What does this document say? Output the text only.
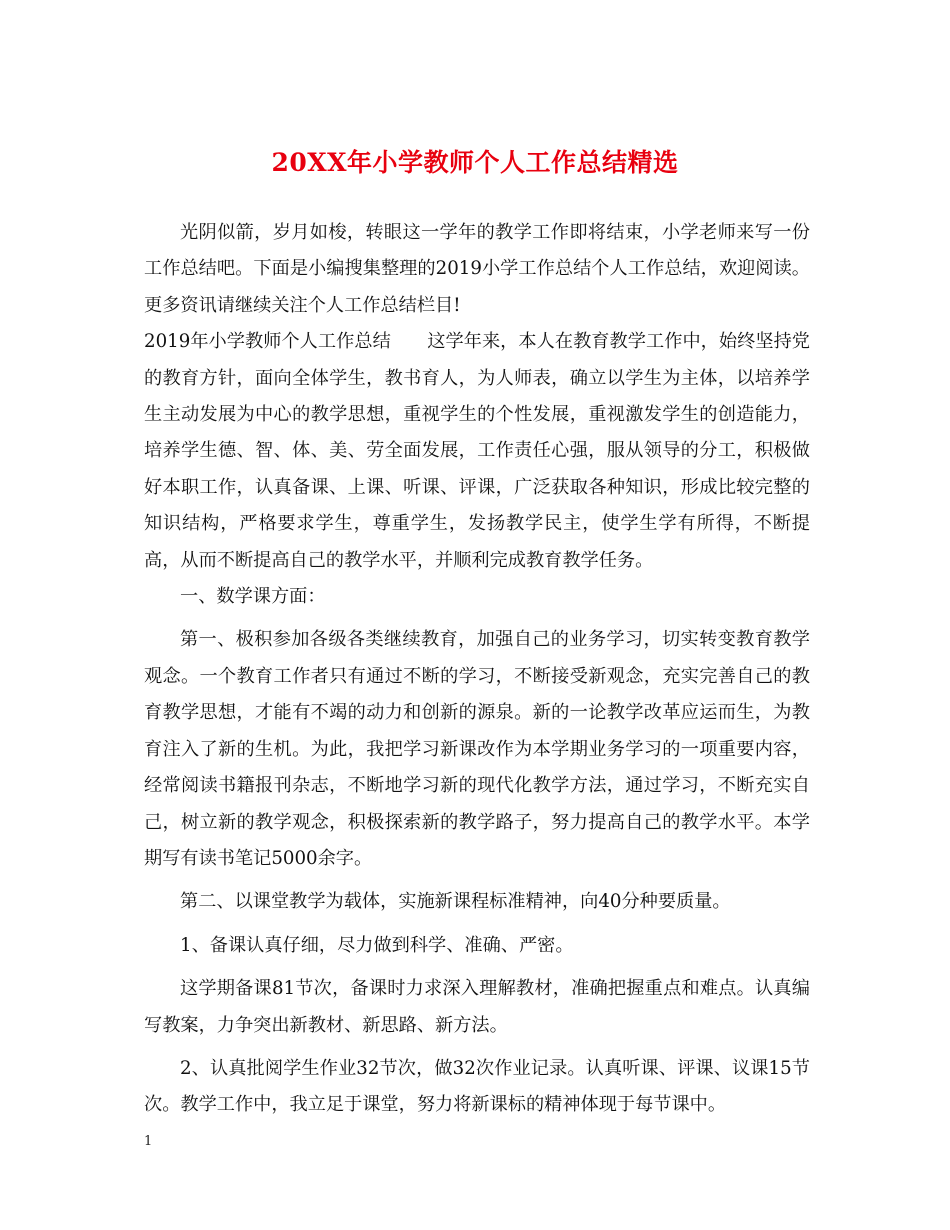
20XX年小学教师个人工作总结精选

光阴似箭，岁月如梭，转眼这一学年的教学工作即将结束，小学老师来写一份工作总结吧。下面是小编搜集整理的2019小学工作总结个人工作总结，欢迎阅读。更多资讯请继续关注个人工作总结栏目!

2019年小学教师个人工作总结　　这学年来，本人在教育教学工作中，始终坚持党的教育方针，面向全体学生，教书育人，为人师表，确立以学生为主体，以培养学生主动发展为中心的教学思想，重视学生的个性发展，重视激发学生的创造能力，培养学生德、智、体、美、劳全面发展，工作责任心强，服从领导的分工，积极做好本职工作，认真备课、上课、听课、评课，广泛获取各种知识，形成比较完整的知识结构，严格要求学生，尊重学生，发扬教学民主，使学生学有所得，不断提高，从而不断提高自己的教学水平，并顺利完成教育教学任务。

一、数学课方面：

第一、极积参加各级各类继续教育，加强自己的业务学习，切实转变教育教学观念。一个教育工作者只有通过不断的学习，不断接受新观念，充实完善自己的教育教学思想，才能有不竭的动力和创新的源泉。新的一论教学改革应运而生，为教育注入了新的生机。为此，我把学习新课改作为本学期业务学习的一项重要内容，经常阅读书籍报刊杂志，不断地学习新的现代化教学方法，通过学习，不断充实自己，树立新的教学观念，积极探索新的教学路子，努力提高自己的教学水平。本学期写有读书笔记5000余字。

第二、以课堂教学为载体，实施新课程标准精神，向40分种要质量。

1、备课认真仔细，尽力做到科学、准确、严密。

这学期备课81节次，备课时力求深入理解教材，准确把握重点和难点。认真编写教案，力争突出新教材、新思路、新方法。

2、认真批阅学生作业32节次，做32次作业记录。认真听课、评课、议课15节次。教学工作中，我立足于课堂，努力将新课标的精神体现于每节课中。

1
